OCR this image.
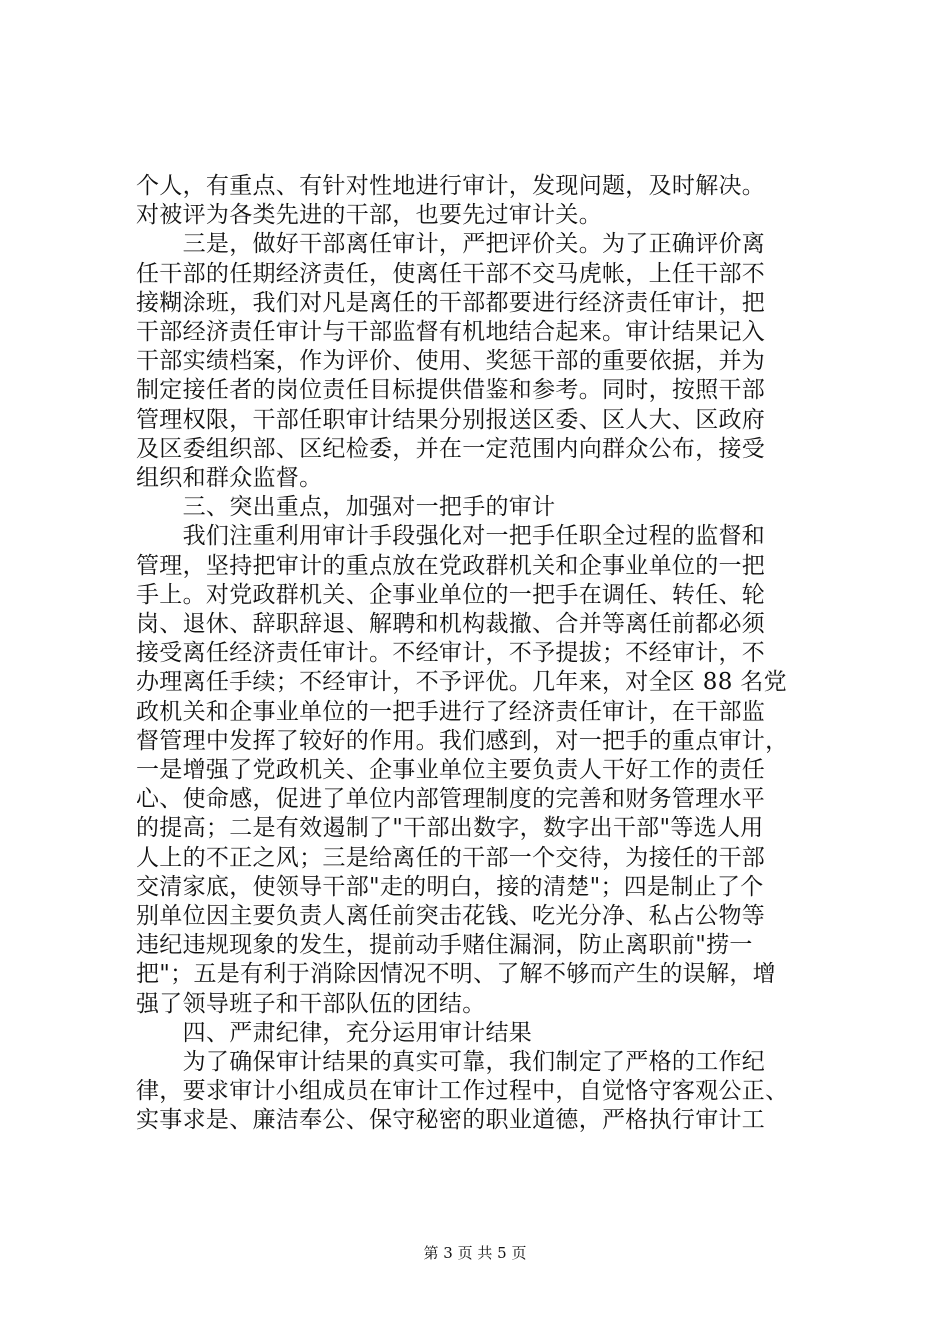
个人，有重点、有针对性地进行审计，发现问题，及时解决。
对被评为各类先进的干部，也要先过审计关。
　　三是，做好干部离任审计，严把评价关。为了正确评价离
任干部的任期经济责任，使离任干部不交马虎帐，上任干部不
接糊涂班，我们对凡是离任的干部都要进行经济责任审计，把
干部经济责任审计与干部监督有机地结合起来。审计结果记入
干部实绩档案，作为评价、使用、奖惩干部的重要依据，并为
制定接任者的岗位责任目标提供借鉴和参考。同时，按照干部
管理权限，干部任职审计结果分别报送区委、区人大、区政府
及区委组织部、区纪检委，并在一定范围内向群众公布，接受
组织和群众监督。
　　三、突出重点，加强对一把手的审计
　　我们注重利用审计手段强化对一把手任职全过程的监督和
管理，坚持把审计的重点放在党政群机关和企事业单位的一把
手上。对党政群机关、企事业单位的一把手在调任、转任、轮
岗、退休、辞职辞退、解聘和机构裁撤、合并等离任前都必须
接受离任经济责任审计。不经审计，不予提拔；不经审计，不
办理离任手续；不经审计，不予评优。几年来，对全区 88 名党
政机关和企事业单位的一把手进行了经济责任审计，在干部监
督管理中发挥了较好的作用。我们感到，对一把手的重点审计，
一是增强了党政机关、企事业单位主要负责人干好工作的责任
心、使命感，促进了单位内部管理制度的完善和财务管理水平
的提高；二是有效遏制了"干部出数字，数字出干部"等选人用
人上的不正之风；三是给离任的干部一个交待，为接任的干部
交清家底，使领导干部"走的明白，接的清楚"；四是制止了个
别单位因主要负责人离任前突击花钱、吃光分净、私占公物等
违纪违规现象的发生，提前动手赌住漏洞，防止离职前"捞一
把"；五是有利于消除因情况不明、了解不够而产生的误解，增
强了领导班子和干部队伍的团结。
　　四、严肃纪律，充分运用审计结果
　　为了确保审计结果的真实可靠，我们制定了严格的工作纪
律，要求审计小组成员在审计工作过程中，自觉恪守客观公正、
实事求是、廉洁奉公、保守秘密的职业道德，严格执行审计工
第 3 页 共 5 页
